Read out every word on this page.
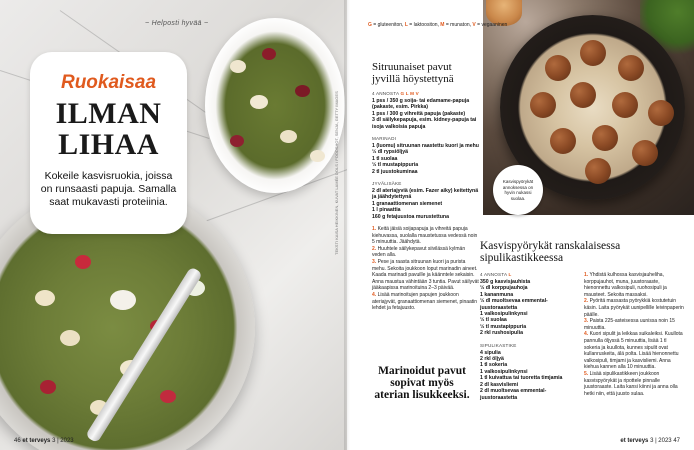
~ Helposti hyvää ~
Ruokaisaa
ILMAN
LIHAA
Kokeile kasvisruokia, joissa on runsaasti papuja. Samalla saat mukavasti proteiinia.
46 et terveys 3 | 2023
TEKSTI KAISA HEIKKINEN, KUVAT LAMÉE DOLS / FOODSHOT, SENJA, GETTY IMAGES	Kasvispyörykät annoksessa on hyvin nukassi suolaa.
G = gluteeniton, L = laktoositon, M = munaton, V = vegaaninen
Sitruunaiset pavut jyvillä höystettynä
4 ANNOSTA G L M V
1 pss / 350 g soija- tai edamame-papuja (pakaste, esim. Pirkka)
1 pss / 300 g vihreitä papuja (pakaste)
3 dl säilykepapuja, esim. kidney-papuja tai isoja valkoisia papuja
MARINADI
1 (luomu) sitruunan raastettu kuori ja mehu
½ dl rypsiöljyä
1 tl suolaa
½ tl mustapippuria
2 tl juustokuminaa
JYVÄLISÄKE
2 dl ateriajyviä (esim. Fazer aiky) keitettynä ja jäähdytettynä
1 granaattiomenan siemenet
1 l pinaattia
160 g fetajuustoa murustettuna
1. Keitä jäisiä soijapapuja ja vihreitä papuja kiehuvassa, suolalla maustetussa vedessä noin 5 minuuttia. Jäähdytä.
2. Huuhtele säilykepavut siivilässä kylmän veden alla.
3. Pese ja raasta sitruunan kuori ja purista mehu. Sekoita joukkoon loput marinadin aineet. Kaada marinadi pavuille ja käänntele sekaisin. Anna maustua vähintään 3 tuntia. Pavut säilyvät jääkaapissa marinoituina 2–3 päivää.
4. Lisää marinoitujen papujen joukkoon ateriajyvät, granaattiomenan siemenet, pinaatin lehdet ja fetajuusto.
Marinoidut pavut sopivat myös aterian lisukkeeksi.
Kasvispyörykät ranskalaisessa sipulikastikkeessa
4 ANNOSTA L
350 g kasvisjauhista
½ dl korppujauhoja
1 kananmuna
½ dl muoltsevaa emmental-juustoraastetta
1 valkosipulinkynsi
½ tl suolaa
½ tl mustapippuria
2 rkl rushosipulia
SIPULIKASTIKE
4 sipulia
2 rkl öljyä
1 tl sokeria
1 valkosipulinkynsi
1 tl kuivattua tai tuoretta timjamia
2 dl kasvisliemi
2 dl muoltsevaa emmental-juustoraastetta
1. Yhdistä kulhossa kasvisjauheliha, korppujauhot, muna, juustoraaste, hienonnettu valkosipuli, ruohosipuli ja mausteet. Sekoita massaksi.
2. Pyöritä massasta pyörykkiä kostutetuin käsin. Laita pyörykät uunipellille leivinpaperin päälle.
3. Paista 225-asteisessa uunissa noin 15 minuuttia.
4. Kuori sipulit ja leikkaa suikaleiksi. Kuullota pannulla öljyssä 5 minuuttia, lisää 1 tl sokeria ja kuullota, kunnes sipulit ovat kullanruskeita, älä polta. Lisää hienonnettu valkosipuli, timjami ja kasvisliemi. Anna kiehua kannen alla 10 minuuttia.
5. Lisää sipulikastikkeen joukkoon kasvispyörykät ja ripottele pinnalle juustoraaste. Laita kansi kiinni ja anna olla hetki niin, että juusto sulaa.
et terveys 3 | 2023 47
